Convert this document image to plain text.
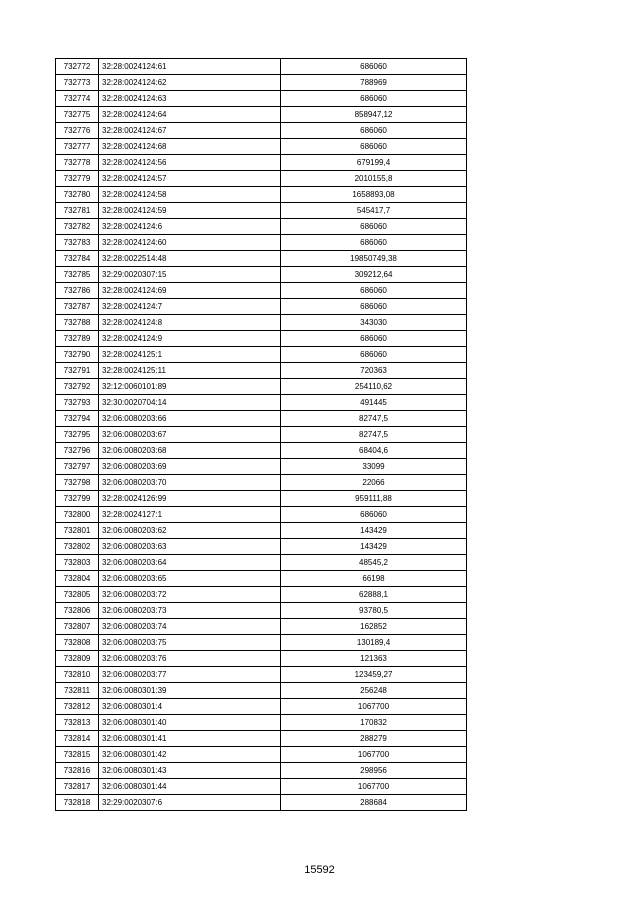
732772	32:28:0024124:61	686060
732773	32:28:0024124:62	788969
732774	32:28:0024124:63	686060
732775	32:28:0024124:64	858947,12
732776	32:28:0024124:67	686060
732777	32:28:0024124:68	686060
732778	32:28:0024124:56	679199,4
732779	32:28:0024124:57	2010155,8
732780	32:28:0024124:58	1658893,08
732781	32:28:0024124:59	545417,7
732782	32:28:0024124:6	686060
732783	32:28:0024124:60	686060
732784	32:28:0022514:48	19850749,38
732785	32:29:0020307:15	309212,64
732786	32:28:0024124:69	686060
732787	32:28:0024124:7	686060
732788	32:28:0024124:8	343030
732789	32:28:0024124:9	686060
732790	32:28:0024125:1	686060
732791	32:28:0024125:11	720363
732792	32:12:0060101:89	254110,62
732793	32:30:0020704:14	491445
732794	32:06:0080203:66	82747,5
732795	32:06:0080203:67	82747,5
732796	32:06:0080203:68	68404,6
732797	32:06:0080203:69	33099
732798	32:06:0080203:70	22066
732799	32:28:0024126:99	959111,88
732800	32:28:0024127:1	686060
732801	32:06:0080203:62	143429
732802	32:06:0080203:63	143429
732803	32:06:0080203:64	48545,2
732804	32:06:0080203:65	66198
732805	32:06:0080203:72	62888,1
732806	32:06:0080203:73	93780,5
732807	32:06:0080203:74	162852
732808	32:06:0080203:75	130189,4
732809	32:06:0080203:76	121363
732810	32:06:0080203:77	123459,27
732811	32:06:0080301:39	256248
732812	32:06:0080301:4	1067700
732813	32:06:0080301:40	170832
732814	32:06:0080301:41	288279
732815	32:06:0080301:42	1067700
732816	32:06:0080301:43	298956
732817	32:06:0080301:44	1067700
732818	32:29:0020307:6	288684
15592
